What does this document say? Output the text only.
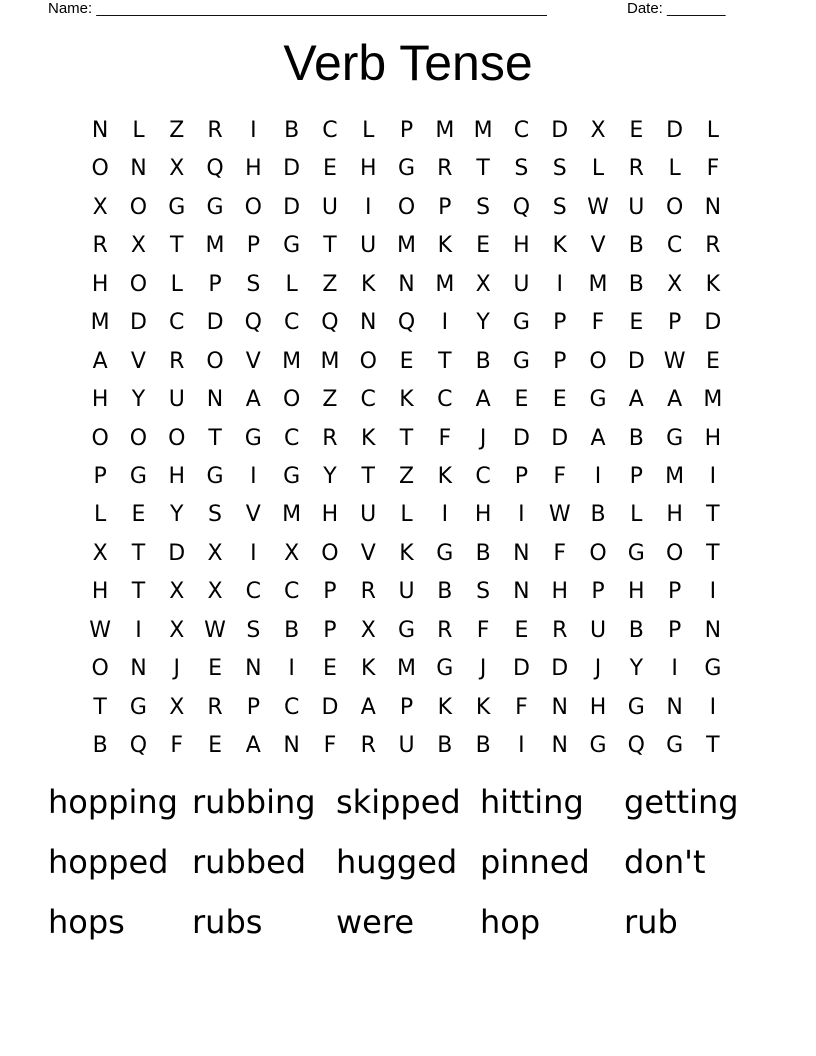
Name: ______________________________________________________	Date: _______
Verb Tense
N	L	Z	R	I	B	C	L	P	M M C	D	X	E	D	L
O N	X	Q H D	E	H G	R	T	S	S	L	R	L	F
X	O G G O D U	I	O	P	S	Q	S W U O N
R	X	T	M	P	G	T	U M K	E	H	K	V	B	C	R
H O	L	P	S	L	Z	K	N M X	U	I	M B	X	K
M D	C	D Q C Q N Q	I	Y	G	P	F	E	P	D
A	V	R O	V M M O	E	T	B	G	P	O D W E
H	Y	U	N	A	O	Z	C	K	C	A	E	E	G	A	A M
O O O	T	G	C	R	K	T	F	J	D D	A	B	G H
P	G H G	I	G	Y	T	Z	K	C	P	F	I	P	M	I
L	E	Y	S	V M H U	L	I	H	I	W B	L	H	T
X	T	D	X	I	X	O	V	K	G	B	N	F	O G O	T
H	T	X	X	C	C	P	R	U	B	S	N H	P	H	P	I
W	I	X W S	B	P	X	G	R	F	E	R	U	B	P	N
O N	J	E	N	I	E	K M G	J	D D	J	Y	I	G
T	G	X	R	P	C	D	A	P	K	K	F	N H G N	I
B	Q	F	E	A	N	F	R	U	B	B	I	N G Q G	T
hopping rubbing skipped hitting	getting
hopped rubbed hugged pinned	don't
hops	rubs	were	hop	rub
